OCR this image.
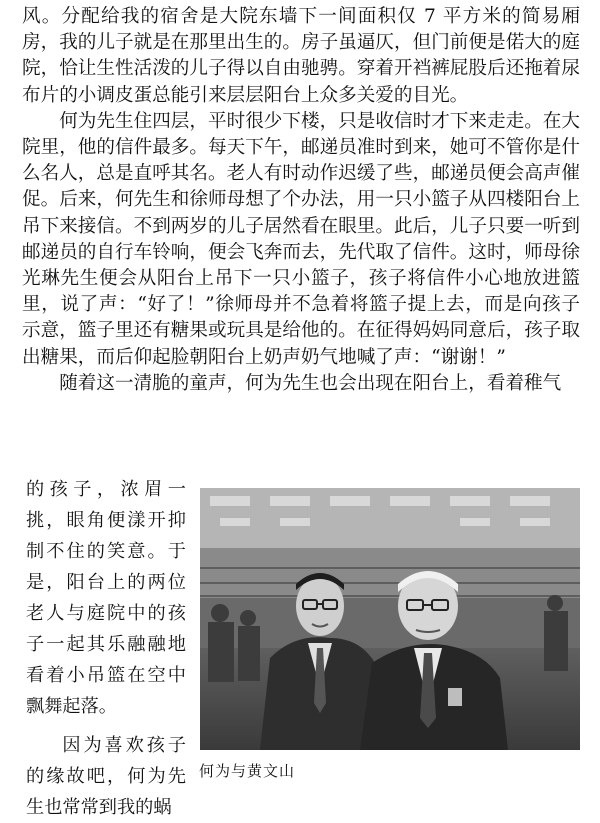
风。分配给我的宿舍是大院东墙下一间面积仅 7 平方米的简易厢房，我的儿子就是在那里出生的。房子虽逼仄，但门前便是偌大的庭院，恰让生性活泼的儿子得以自由驰骋。穿着开裆裤屁股后还拖着尿布片的小调皮蛋总能引来层层阳台上众多关爱的目光。

何为先生住四层，平时很少下楼，只是收信时才下来走走。在大院里，他的信件最多。每天下午，邮递员准时到来，她可不管你是什么名人，总是直呼其名。老人有时动作迟缓了些，邮递员便会高声催促。后来，何先生和徐师母想了个办法，用一只小篮子从四楼阳台上吊下来接信。不到两岁的儿子居然看在眼里。此后，儿子只要一听到邮递员的自行车铃响，便会飞奔而去，先代取了信件。这时，师母徐光琳先生便会从阳台上吊下一只小篮子，孩子将信件小心地放进篮里，说了声：“好了！”徐师母并不急着将篮子提上去，而是向孩子示意，篮子里还有糖果或玩具是给他的。在征得妈妈同意后，孩子取出糖果，而后仰起脸朝阳台上奶声奶气地喊了声：“谢谢！”

随着这一清脆的童声，何为先生也会出现在阳台上，看着稚气

的孩子，浓眉一挑，眼角便漾开抑制不住的笑意。于是，阳台上的两位老人与庭院中的孩子一起其乐融融地看着小吊篮在空中飘舞起落。

因为喜欢孩子的缘故吧，何为先生也常常到我的蜗

何为与黄文山
